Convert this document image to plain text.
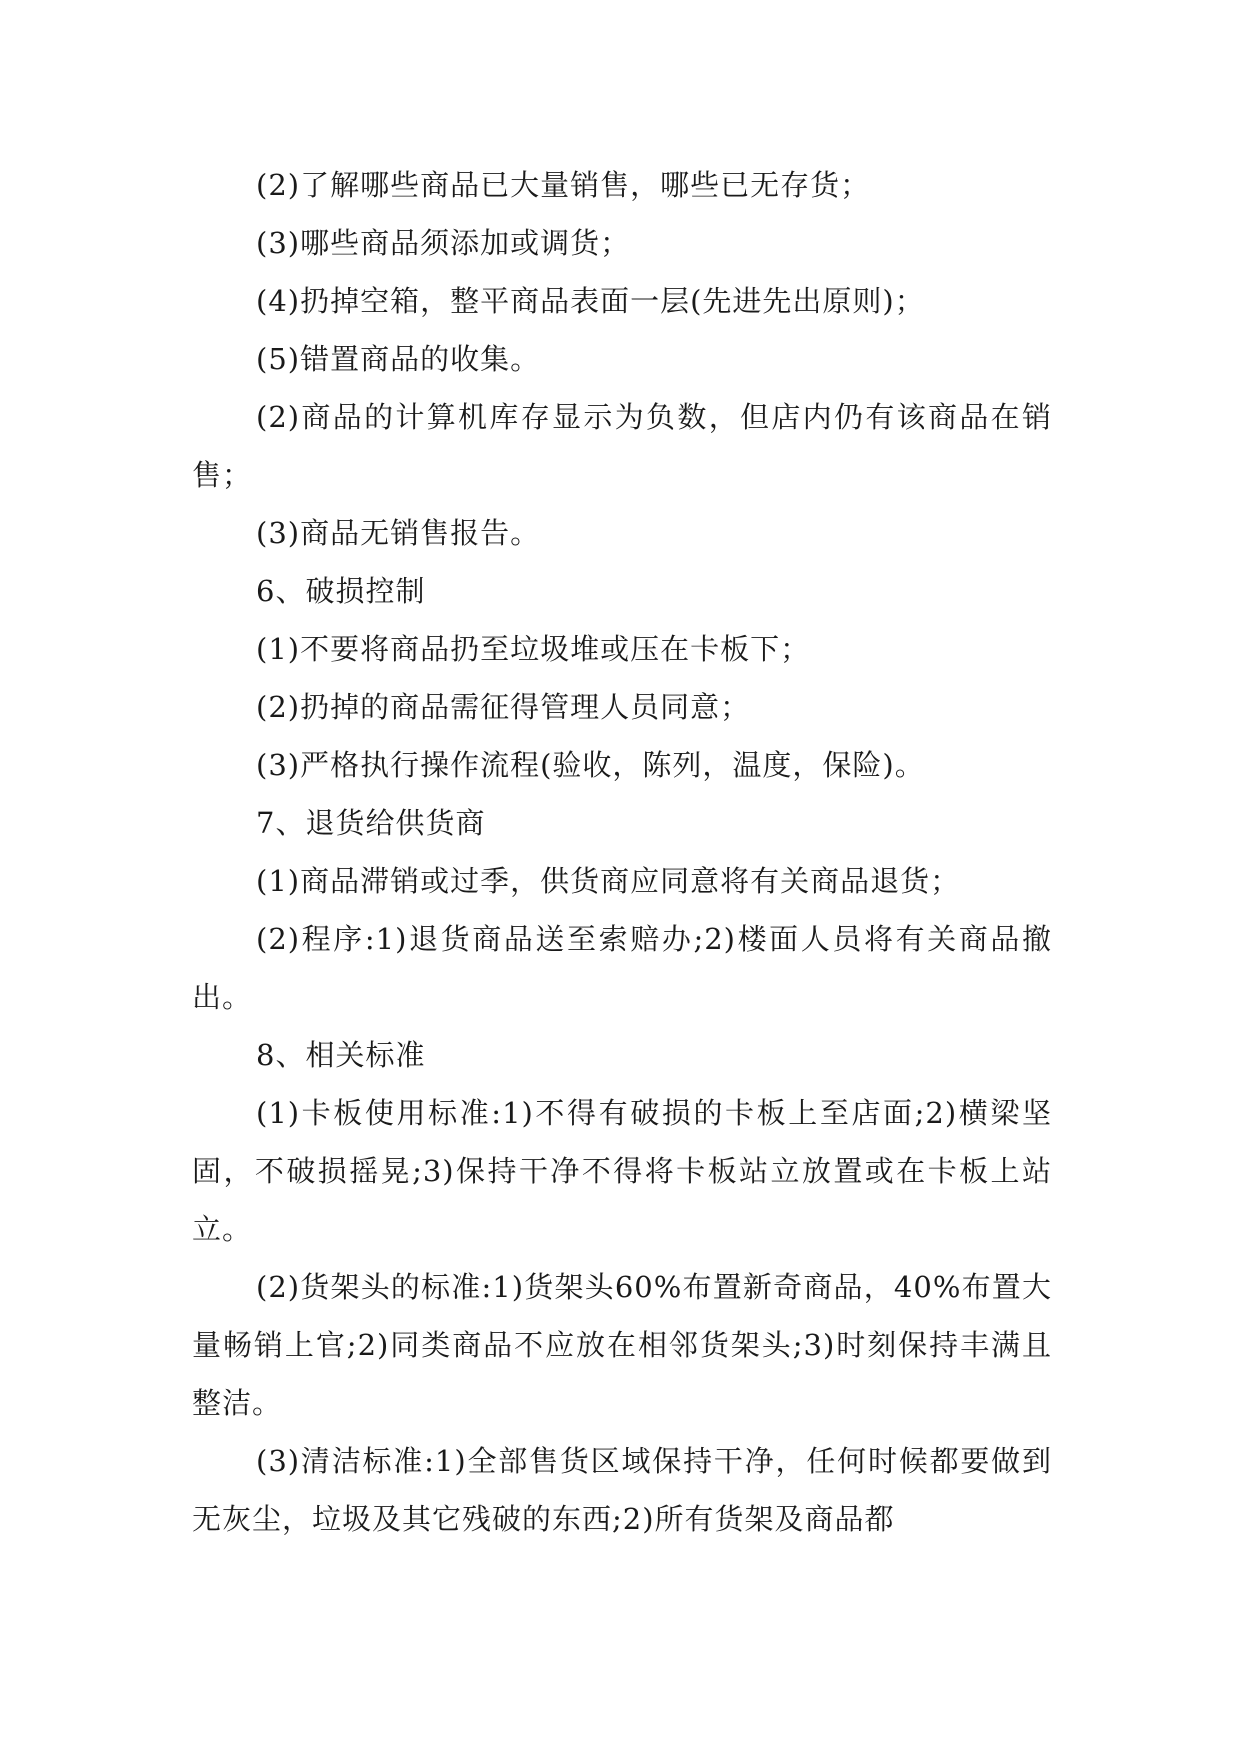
(2)了解哪些商品已大量销售，哪些已无存货；

(3)哪些商品须添加或调货；

(4)扔掉空箱，整平商品表面一层(先进先出原则)；

(5)错置商品的收集。

(2)商品的计算机库存显示为负数，但店内仍有该商品在销售；

(3)商品无销售报告。

6、破损控制

(1)不要将商品扔至垃圾堆或压在卡板下；

(2)扔掉的商品需征得管理人员同意；

(3)严格执行操作流程(验收，陈列，温度，保险)。

7、退货给供货商

(1)商品滞销或过季，供货商应同意将有关商品退货；

(2)程序:1)退货商品送至索赔办;2)楼面人员将有关商品撤出。

8、相关标准

(1)卡板使用标准:1)不得有破损的卡板上至店面;2)横梁坚固，不破损摇晃;3)保持干净不得将卡板站立放置或在卡板上站立。

(2)货架头的标准:1)货架头60%布置新奇商品，40%布置大量畅销上官;2)同类商品不应放在相邻货架头;3)时刻保持丰满且整洁。

(3)清洁标准:1)全部售货区域保持干净，任何时候都要做到无灰尘，垃圾及其它残破的东西;2)所有货架及商品都
